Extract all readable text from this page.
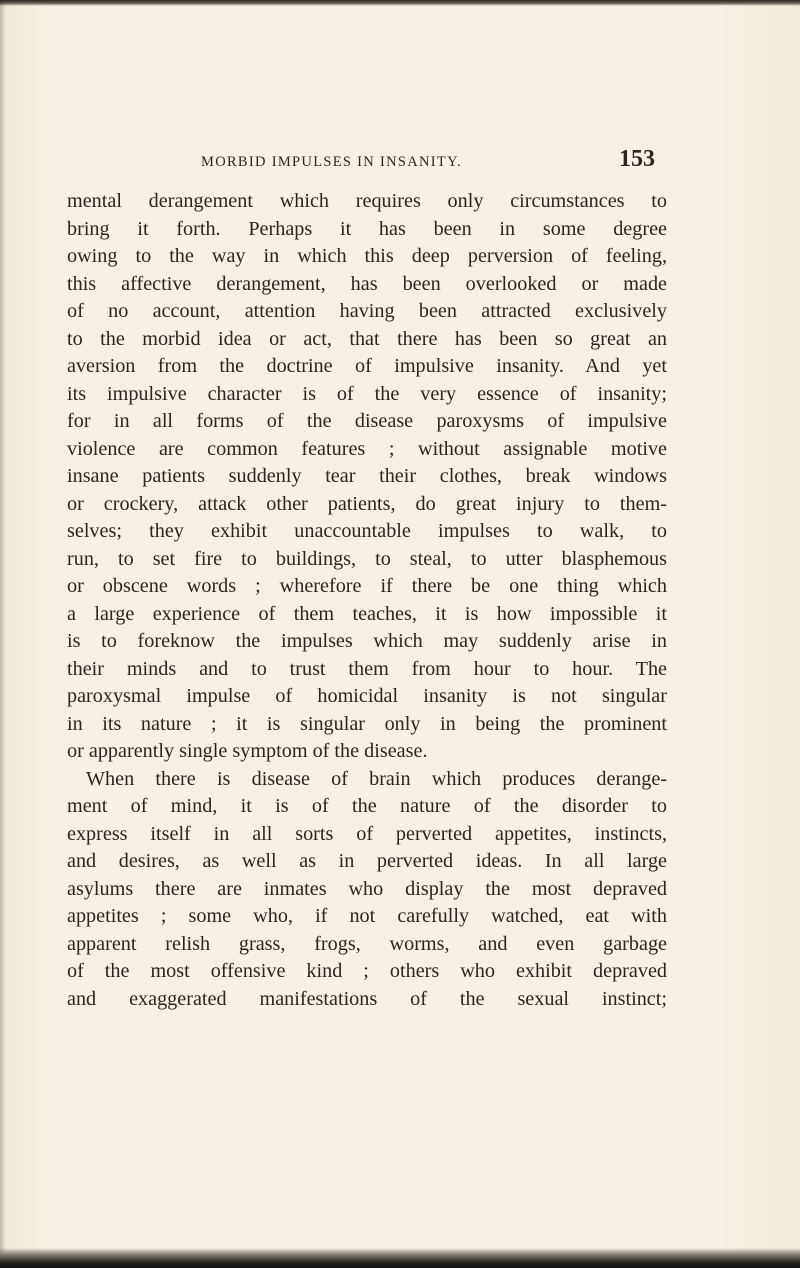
MORBID IMPULSES IN INSANITY.	153
mental derangement which requires only circumstances to
bring it forth. Perhaps it has been in some degree
owing to the way in which this deep perversion of feeling,
this affective derangement, has been overlooked or made
of no account, attention having been attracted exclusively
to the morbid idea or act, that there has been so great an
aversion from the doctrine of impulsive insanity. And yet
its impulsive character is of the very essence of insanity;
for in all forms of the disease paroxysms of impulsive
violence are common features ; without assignable motive
insane patients suddenly tear their clothes, break windows
or crockery, attack other patients, do great injury to them-
selves; they exhibit unaccountable impulses to walk, to
run, to set fire to buildings, to steal, to utter blasphemous
or obscene words ; wherefore if there be one thing which
a large experience of them teaches, it is how impossible it
is to foreknow the impulses which may suddenly arise in
their minds and to trust them from hour to hour. The
paroxysmal impulse of homicidal insanity is not singular
in its nature ; it is singular only in being the prominent
or apparently single symptom of the disease.
When there is disease of brain which produces derange-
ment of mind, it is of the nature of the disorder to
express itself in all sorts of perverted appetites, instincts,
and desires, as well as in perverted ideas. In all large
asylums there are inmates who display the most depraved
appetites ; some who, if not carefully watched, eat with
apparent relish grass, frogs, worms, and even garbage
of the most offensive kind ; others who exhibit depraved
and exaggerated manifestations of the sexual instinct;
